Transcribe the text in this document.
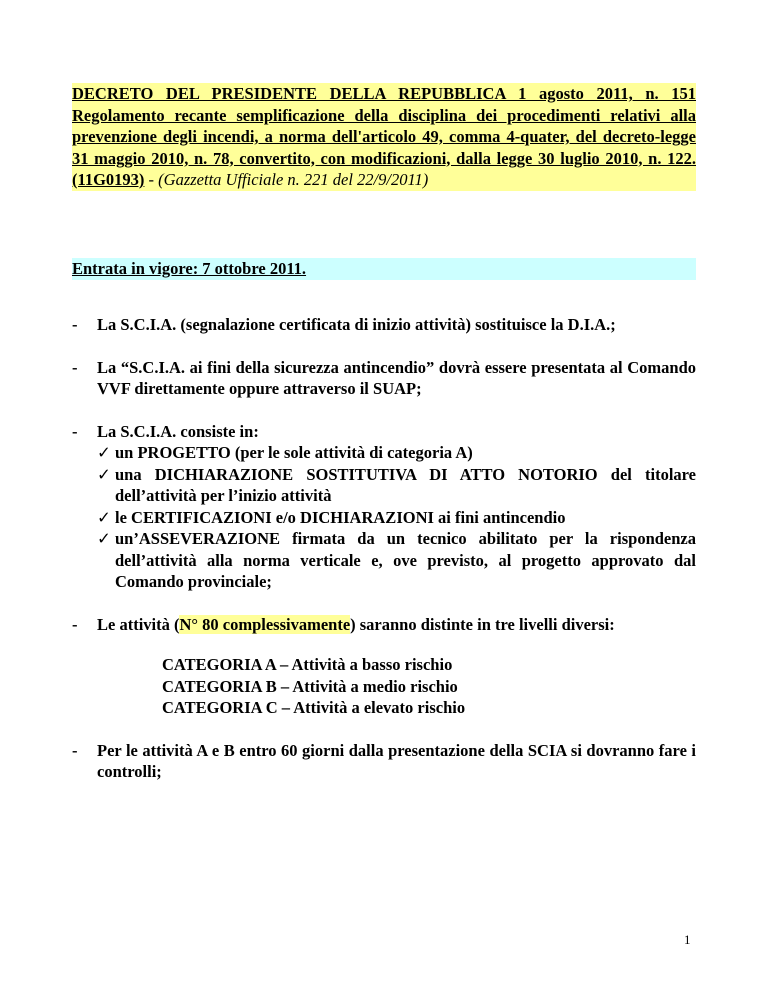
DECRETO DEL PRESIDENTE DELLA REPUBBLICA 1 agosto 2011, n. 151 Regolamento recante semplificazione della disciplina dei procedimenti relativi alla prevenzione degli incendi, a norma dell'articolo 49, comma 4-quater, del decreto-legge 31 maggio 2010, n. 78, convertito, con modificazioni, dalla legge 30 luglio 2010, n. 122. (11G0193) - (Gazzetta Ufficiale n. 221 del 22/9/2011)
Entrata in vigore: 7 ottobre 2011.
- La S.C.I.A. (segnalazione certificata di inizio attività) sostituisce la D.I.A.;
- La “S.C.I.A. ai fini della sicurezza antincendio” dovrà essere presentata al Comando VVF direttamente oppure attraverso il SUAP;
- La S.C.I.A. consiste in:
✓ un PROGETTO (per le sole attività di categoria A)
✓ una DICHIARAZIONE SOSTITUTIVA DI ATTO NOTORIO del titolare dell’attività per l’inizio attività
✓ le CERTIFICAZIONI e/o DICHIARAZIONI ai fini antincendio
✓ un’ASSEVERAZIONE firmata da un tecnico abilitato per la rispondenza dell’attività alla norma verticale e, ove previsto, al progetto approvato dal Comando provinciale;
- Le attività (N° 80 complessivamente) saranno distinte in tre livelli diversi:
CATEGORIA A – Attività a basso rischio
CATEGORIA B – Attività a medio rischio
CATEGORIA C – Attività a elevato rischio
- Per le attività A e B entro 60 giorni dalla presentazione della SCIA si dovranno fare i controlli;
1
